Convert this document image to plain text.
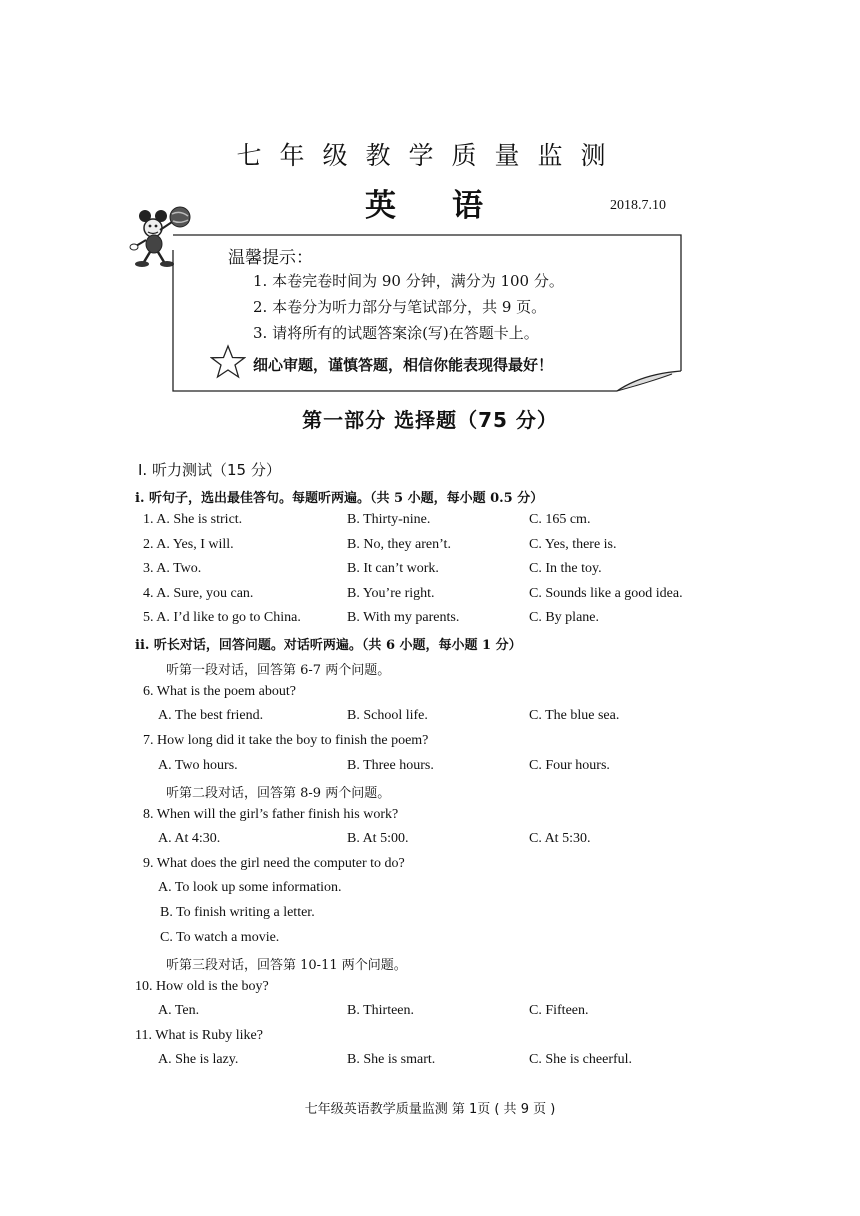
七年级教学质量监测
英语	2018.7.10
温馨提示：
1. 本卷完卷时间为 90 分钟，满分为 100 分。
2. 本卷分为听力部分与笔试部分，共 9 页。
3. 请将所有的试题答案涂(写)在答题卡上。
细心审题，谨慎答题，相信你能表现得最好！
第一部分 选择题（75 分）
Ⅰ. 听力测试（15 分）
i. 听句子，选出最佳答句。每题听两遍。（共 5 小题，每小题 0.5 分）
1. A. She is strict.	B. Thirty-nine.	C. 165 cm.
2. A. Yes, I will.	B. No, they aren’t.	C. Yes, there is.
3. A. Two.	B. It can’t work.	C. In the toy.
4. A. Sure, you can.	B. You’re right.	C. Sounds like a good idea.
5. A. I’d like to go to China.	B. With my parents.	C. By plane.
ii. 听长对话，回答问题。对话听两遍。（共 6 小题，每小题 1 分）
听第一段对话，回答第 6-7 两个问题。
6. What is the poem about?
A. The best friend.	B. School life.	C. The blue sea.
7. How long did it take the boy to finish the poem?
A. Two hours.	B. Three hours.	C. Four hours.
听第二段对话，回答第 8-9 两个问题。
8. When will the girl’s father finish his work?
A. At 4:30.	B. At 5:00.	C. At 5:30.
9. What does the girl need the computer to do?
A. To look up some information.
B. To finish writing a letter.
C. To watch a movie.
听第三段对话，回答第 10-11 两个问题。
10. How old is the boy?
A. Ten.	B. Thirteen.	C. Fifteen.
11. What is Ruby like?
A. She is lazy.	B. She is smart.	C. She is cheerful.
七年级英语教学质量监测 第 1页 ( 共 9 页 )
